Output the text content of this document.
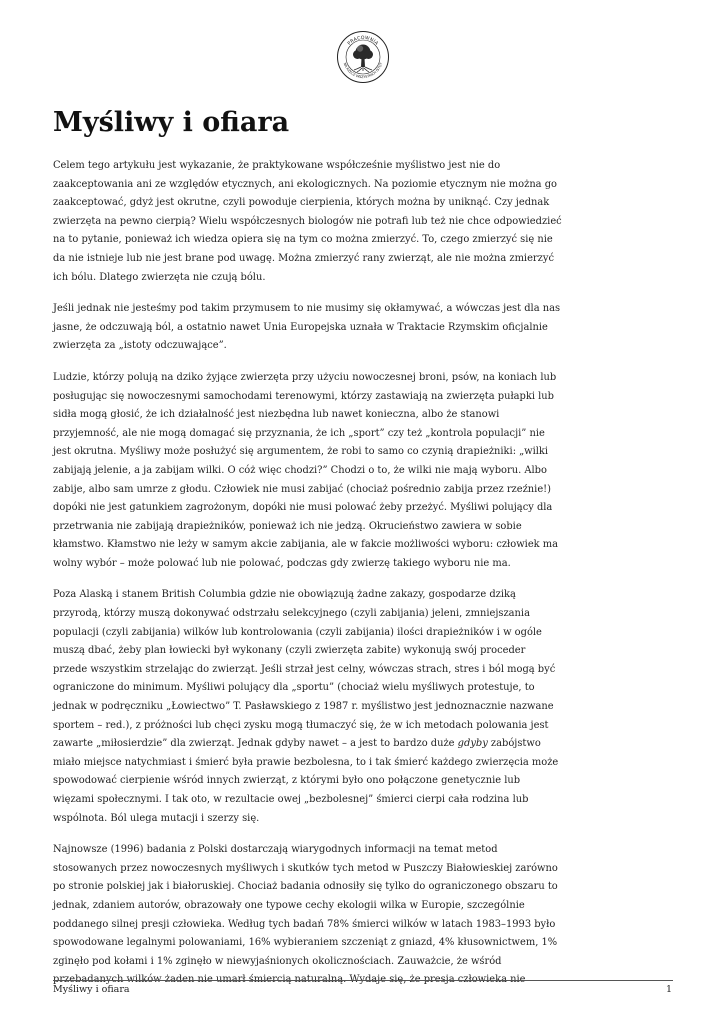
PRACOWNIA
NA RZECZ WSZYSTKICH ISTOT
Myśliwy i ofiara

Celem tego artykułu jest wykazanie, że praktykowane współcześnie myślistwo jest nie do
zaakceptowania ani ze względów etycznych, ani ekologicznych. Na poziomie etycznym nie można go
zaakceptować, gdyż jest okrutne, czyli powoduje cierpienia, których można by uniknąć. Czy jednak
zwierzęta na pewno cierpią? Wielu współczesnych biologów nie potrafi lub też nie chce odpowiedzieć
na to pytanie, ponieważ ich wiedza opiera się na tym co można zmierzyć. To, czego zmierzyć się nie
da nie istnieje lub nie jest brane pod uwagę. Można zmierzyć rany zwierząt, ale nie można zmierzyć
ich bólu. Dlatego zwierzęta nie czują bólu.

Jeśli jednak nie jesteśmy pod takim przymusem to nie musimy się okłamywać, a wówczas jest dla nas
jasne, że odczuwają ból, a ostatnio nawet Unia Europejska uznała w Traktacie Rzymskim oficjalnie
zwierzęta za „istoty odczuwające”.

Ludzie, którzy polują na dziko żyjące zwierzęta przy użyciu nowoczesnej broni, psów, na koniach lub
posługując się nowoczesnymi samochodami terenowymi, którzy zastawiają na zwierzęta pułapki lub
sidła mogą głosić, że ich działalność jest niezbędna lub nawet konieczna, albo że stanowi
przyjemność, ale nie mogą domagać się przyznania, że ich „sport” czy też „kontrola populacji” nie
jest okrutna. Myśliwy może posłużyć się argumentem, że robi to samo co czynią drapieżniki: „wilki
zabijają jelenie, a ja zabijam wilki. O cóż więc chodzi?” Chodzi o to, że wilki nie mają wyboru. Albo
zabije, albo sam umrze z głodu. Człowiek nie musi zabijać (chociaż pośrednio zabija przez rzeźnie!)
dopóki nie jest gatunkiem zagrożonym, dopóki nie musi polować żeby przeżyć. Myśliwi polujący dla
przetrwania nie zabijają drapieżników, ponieważ ich nie jedzą. Okrucieństwo zawiera w sobie
kłamstwo. Kłamstwo nie leży w samym akcie zabijania, ale w fakcie możliwości wyboru: człowiek ma
wolny wybór – może polować lub nie polować, podczas gdy zwierzę takiego wyboru nie ma.

Poza Alaską i stanem British Columbia gdzie nie obowiązują żadne zakazy, gospodarze dziką
przyrodą, którzy muszą dokonywać odstrzału selekcyjnego (czyli zabijania) jeleni, zmniejszania
populacji (czyli zabijania) wilków lub kontrolowania (czyli zabijania) ilości drapieżników i w ogóle
muszą dbać, żeby plan łowiecki był wykonany (czyli zwierzęta zabite) wykonują swój proceder
przede wszystkim strzelając do zwierząt. Jeśli strzał jest celny, wówczas strach, stres i ból mogą być
ograniczone do minimum. Myśliwi polujący dla „sportu” (chociaż wielu myśliwych protestuje, to
jednak w podręczniku „Łowiectwo” T. Pasławskiego z 1987 r. myślistwo jest jednoznacznie nazwane
sportem – red.), z próżności lub chęci zysku mogą tłumaczyć się, że w ich metodach polowania jest
zawarte „miłosierdzie” dla zwierząt. Jednak gdyby nawet – a jest to bardzo duże gdyby zabójstwo
miało miejsce natychmiast i śmierć była prawie bezbolesna, to i tak śmierć każdego zwierzęcia może
spowodować cierpienie wśród innych zwierząt, z którymi było ono połączone genetycznie lub
więzami społecznymi. I tak oto, w rezultacie owej „bezbolesnej” śmierci cierpi cała rodzina lub
wspólnota. Ból ulega mutacji i szerzy się.

Najnowsze (1996) badania z Polski dostarczają wiarygodnych informacji na temat metod
stosowanych przez nowoczesnych myśliwych i skutków tych metod w Puszczy Białowieskiej zarówno
po stronie polskiej jak i białoruskiej. Chociaż badania odnosiły się tylko do ograniczonego obszaru to
jednak, zdaniem autorów, obrazowały one typowe cechy ekologii wilka w Europie, szczególnie
poddanego silnej presji człowieka. Według tych badań 78% śmierci wilków w latach 1983–1993 było
spowodowane legalnymi polowaniami, 16% wybieraniem szczeniąt z gniazd, 4% kłusownictwem, 1%
zginęło pod kołami i 1% zginęło w niewyjaśnionych okolicznościach. Zauważcie, że wśród
przebadanych wilków żaden nie umarł śmiercią naturalną. Wydaje się, że presja człowieka nie

Myśliwy i ofiara	1
